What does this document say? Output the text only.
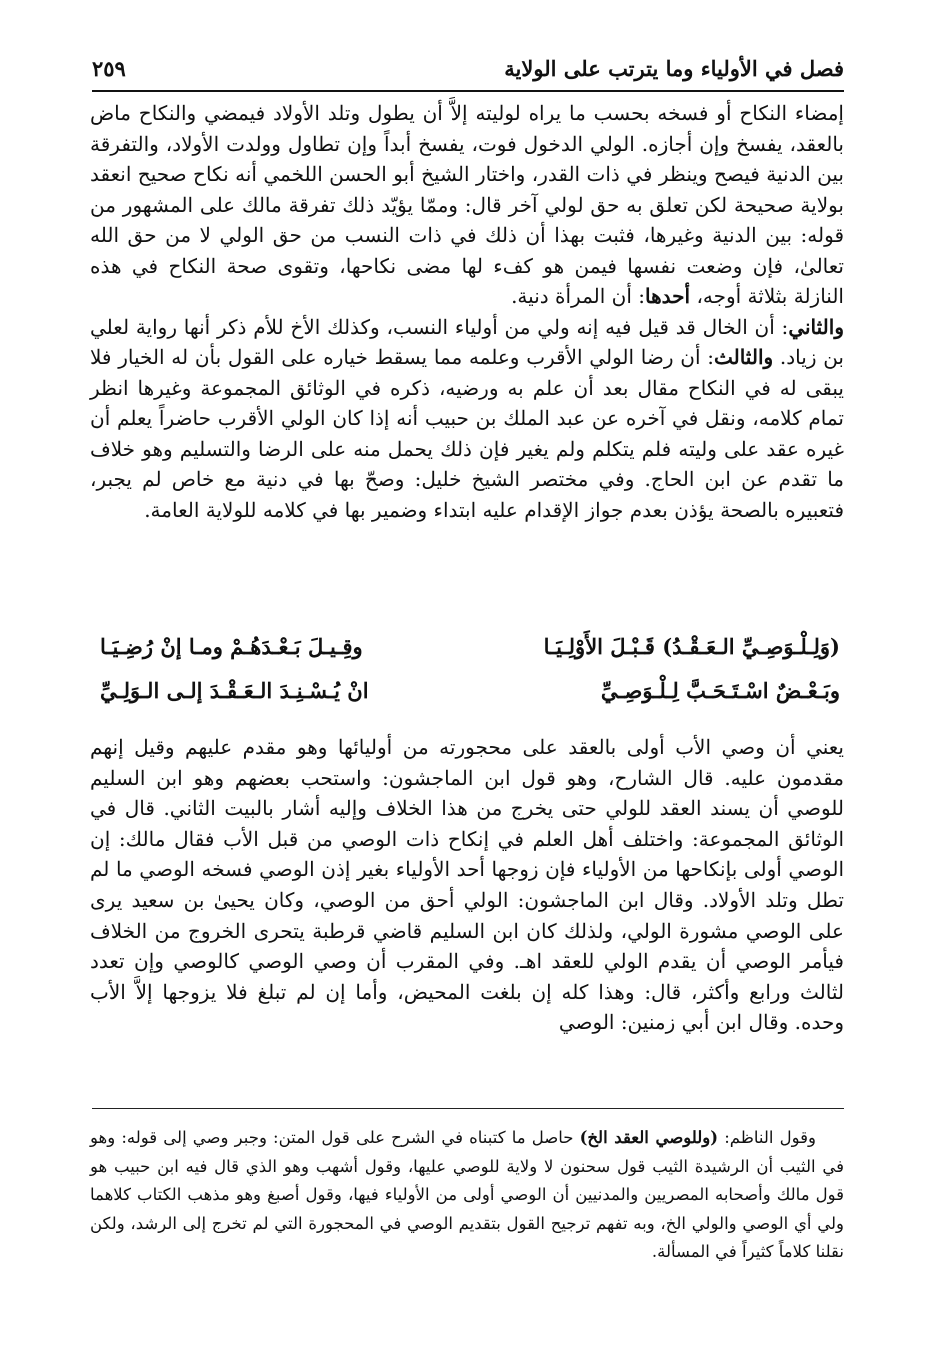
فصل في الأولياء وما يترتب على الولاية
٢٥٩

إمضاء النكاح أو فسخه بحسب ما يراه لوليته إلاَّ أن يطول وتلد الأولاد فيمضي والنكاح ماض بالعقد، يفسخ وإن أجازه. الولي الدخول فوت، يفسخ أبداً وإن تطاول وولدت الأولاد، والتفرقة بين الدنية فيصح وينظر في ذات القدر، واختار الشيخ أبو الحسن اللخمي أنه نكاح صحيح انعقد بولاية صحيحة لكن تعلق به حق لولي آخر قال: وممّا يؤيّد ذلك تفرقة مالك على المشهور من قوله: بين الدنية وغيرها، فثبت بهذا أن ذلك في ذات النسب من حق الولي لا من حق الله تعالىٰ، فإن وضعت نفسها فيمن هو كفء لها مضى نكاحها، وتقوى صحة النكاح في هذه النازلة بثلاثة أوجه، أحدها: أن المرأة دنية.

والثاني: أن الخال قد قيل فيه إنه ولي من أولياء النسب، وكذلك الأخ للأم ذكر أنها رواية لعلي بن زياد. والثالث: أن رضا الولي الأقرب وعلمه مما يسقط خياره على القول بأن له الخيار فلا يبقى له في النكاح مقال بعد أن علم به ورضيه، ذكره في الوثائق المجموعة وغيرها انظر تمام كلامه، ونقل في آخره عن عبد الملك بن حبيب أنه إذا كان الولي الأقرب حاضراً يعلم أن غيره عقد على وليته فلم يتكلم ولم يغير فإن ذلك يحمل منه على الرضا والتسليم وهو خلاف ما تقدم عن ابن الحاج. وفي مختصر الشيخ خليل: وصحّ بها في دنية مع خاص لم يجبر، فتعبيره بالصحة يؤذن بعدم جواز الإقدام عليه ابتداء وضمير بها في كلامه للولاية العامة.

(وَلِـلْـوَصِـيِّ الـعَـقْـدُ) قَـبْـلَ الأَوْلِـيَـا
وقِـيـلَ بَـعْـدَهُـمْ ومـا إنْ رُضِـيَـا
وبَـعْـضٌ اسْـتَـحَـبَّ لِـلْـوَصِـيِّ
انْ يُـسْـنِـدَ الـعَـقْـدَ إلـى الـوَلِـيِّ

يعني أن وصي الأب أولى بالعقد على محجورته من أوليائها وهو مقدم عليهم وقيل إنهم مقدمون عليه. قال الشارح، وهو قول ابن الماجشون: واستحب بعضهم وهو ابن السليم للوصي أن يسند العقد للولي حتى يخرج من هذا الخلاف وإليه أشار بالبيت الثاني. قال في الوثائق المجموعة: واختلف أهل العلم في إنكاح ذات الوصي من قبل الأب فقال مالك: إن الوصي أولى بإنكاحها من الأولياء فإن زوجها أحد الأولياء بغير إذن الوصي فسخه الوصي ما لم تطل وتلد الأولاد. وقال ابن الماجشون: الولي أحق من الوصي، وكان يحيىٰ بن سعيد يرى على الوصي مشورة الولي، ولذلك كان ابن السليم قاضي قرطبة يتحرى الخروج من الخلاف فيأمر الوصي أن يقدم الولي للعقد اهـ. وفي المقرب أن وصي الوصي كالوصي وإن تعدد لثالث ورابع وأكثر، قال: وهذا كله إن بلغت المحيض، وأما إن لم تبلغ فلا يزوجها إلاَّ الأب وحده. وقال ابن أبي زمنين: الوصي

وقول الناظم: (وللوصي العقد الخ) حاصل ما كتبناه في الشرح على قول المتن: وجبر وصي إلى قوله: وهو في الثيب أن الرشيدة الثيب قول سحنون لا ولاية للوصي عليها، وقول أشهب وهو الذي قال فيه ابن حبيب هو قول مالك وأصحابه المصريين والمدنيين أن الوصي أولى من الأولياء فيها، وقول أصبغ وهو مذهب الكتاب كلاهما ولي أي الوصي والولي الخ، وبه تفهم ترجيح القول بتقديم الوصي في المحجورة التي لم تخرج إلى الرشد، ولكن نقلنا كلاماً كثيراً في المسألة.
